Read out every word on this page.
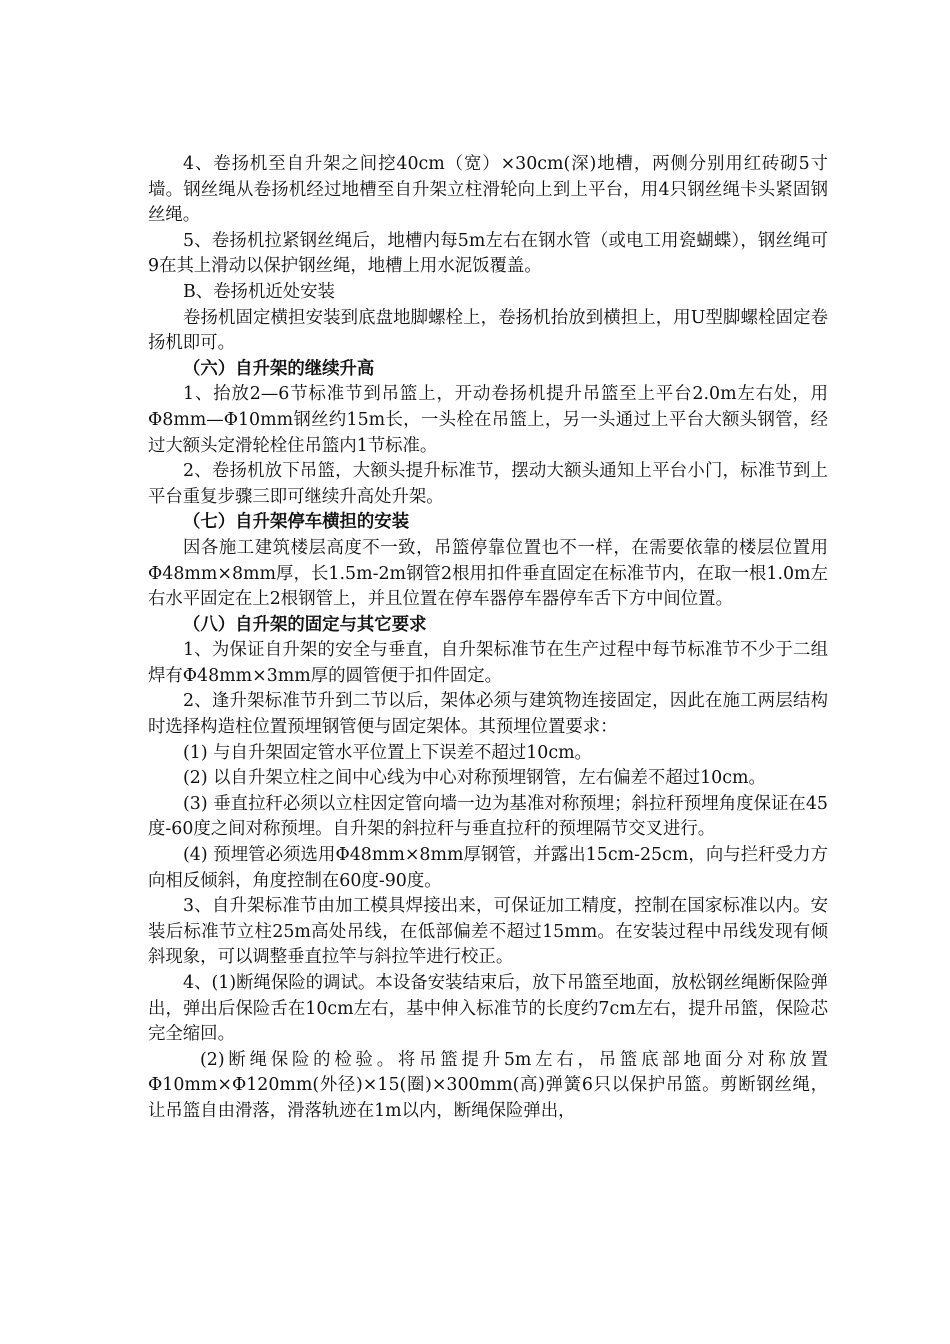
4、卷扬机至自升架之间挖40cm（宽）×30cm(深)地槽，两侧分别用红砖砌5寸墙。钢丝绳从卷扬机经过地槽至自升架立柱滑轮向上到上平台，用4只钢丝绳卡头紧固钢丝绳。

5、卷扬机拉紧钢丝绳后，地槽内每5m左右在钢水管（或电工用瓷蝴蝶），钢丝绳可9在其上滑动以保护钢丝绳，地槽上用水泥饭覆盖。

B、卷扬机近处安装

卷扬机固定横担安装到底盘地脚螺栓上，卷扬机抬放到横担上，用U型脚螺栓固定卷扬机即可。

（六）自升架的继续升高

1、抬放2—6节标准节到吊篮上，开动卷扬机提升吊篮至上平台2.0m左右处，用Φ8mm—Φ10mm钢丝约15m长，一头栓在吊篮上，另一头通过上平台大额头钢管，经过大额头定滑轮栓住吊篮内1节标准。

2、卷扬机放下吊篮，大额头提升标准节，摆动大额头通知上平台小门，标准节到上平台重复步骤三即可继续升高处升架。

（七）自升架停车横担的安装

因各施工建筑楼层高度不一致，吊篮停靠位置也不一样，在需要依靠的楼层位置用Φ48mm×8mm厚，长1.5m-2m钢管2根用扣件垂直固定在标准节内，在取一根1.0m左右水平固定在上2根钢管上，并且位置在停车器停车器停车舌下方中间位置。

（八）自升架的固定与其它要求

1、为保证自升架的安全与垂直，自升架标准节在生产过程中每节标准节不少于二组焊有Φ48mm×3mm厚的圆管便于扣件固定。

2、逢升架标准节升到二节以后，架体必须与建筑物连接固定，因此在施工两层结构时选择构造柱位置预埋钢管便与固定架体。其预埋位置要求：

(1) 与自升架固定管水平位置上下误差不超过10cm。

(2) 以自升架立柱之间中心线为中心对称预埋钢管，左右偏差不超过10cm。

(3) 垂直拉秆必须以立柱因定管向墙一边为基准对称预埋；斜拉秆预埋角度保证在45度-60度之间对称预埋。自升架的斜拉秆与垂直拉秆的预埋隔节交叉进行。

(4) 预埋管必须选用Φ48mm×8mm厚钢管，并露出15cm-25cm，向与拦秆受力方向相反倾斜，角度控制在60度-90度。

3、自升架标准节由加工模具焊接出来，可保证加工精度，控制在国家标准以内。安装后标准节立柱25m高处吊线，在低部偏差不超过15mm。在安装过程中吊线发现有倾斜现象，可以调整垂直拉竿与斜拉竿进行校正。

4、(1)断绳保险的调试。本设备安装结束后，放下吊篮至地面，放松钢丝绳断保险弹出，弹出后保险舌在10cm左右，基中伸入标准节的长度约7cm左右，提升吊篮，保险芯完全缩回。

(2)断绳保险的检验。将吊篮提升5m左右，吊篮底部地面分对称放置Φ10mm×Φ120mm(外径)×15(圈)×300mm(高)弹簧6只以保护吊篮。剪断钢丝绳，让吊篮自由滑落，滑落轨迹在1m以内，断绳保险弹出，
